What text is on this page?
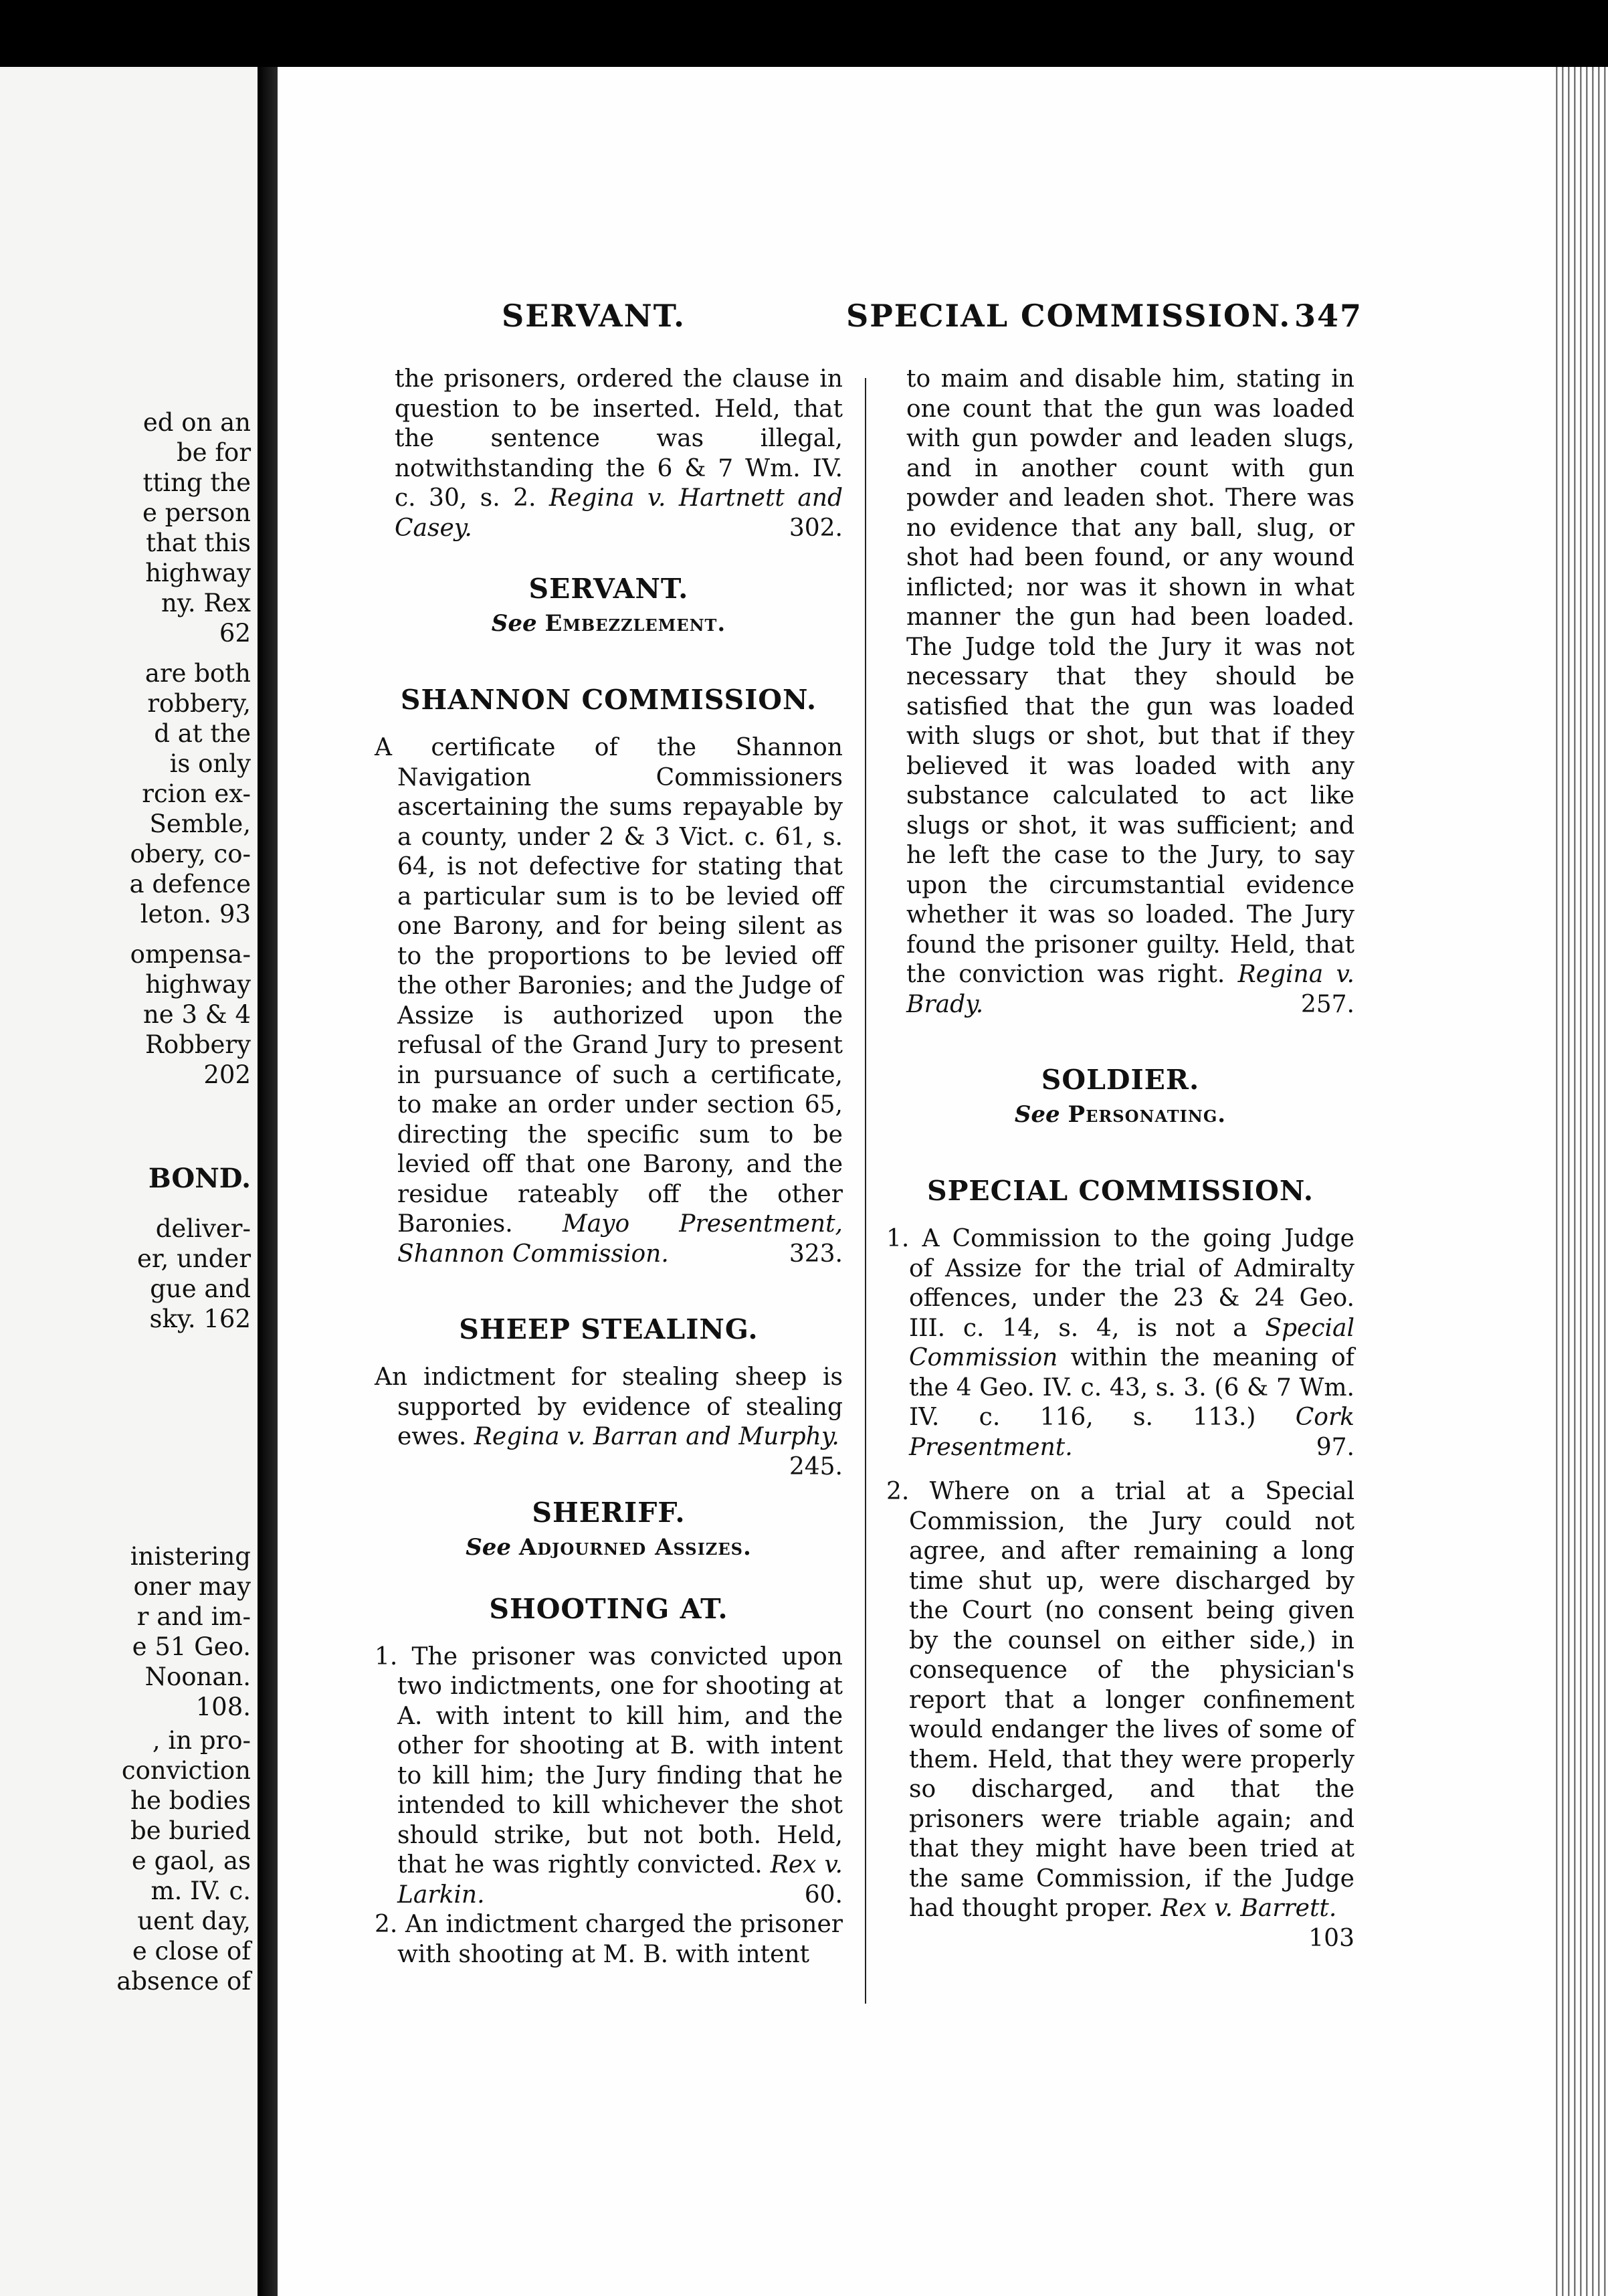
ed on an
be for
tting the
e person
that this
highway
ny. Rex
62
are both
robbery,
d at the
is only
rcion ex-
Semble,
obery, co-
a defence
leton. 93
ompensa-
highway
ne 3 & 4
Robbery
202
BOND.
deliver-
er, under
gue and
sky. 162
inistering
oner may
r and im-
e 51 Geo.
Noonan.
108.
, in pro-
conviction
he bodies
be buried
e gaol, as
m. IV. c.
uent day,
e close of
absence of
SERVANT.	SPECIAL COMMISSION. 347

the prisoners, ordered the clause in question to be inserted. Held, that the sentence was illegal, notwithstanding the 6 & 7 Wm. IV. c. 30, s. 2. Regina v. Hartnett and Casey.	302.

SERVANT.

See Embezzlement.

SHANNON COMMISSION.

A certificate of the Shannon Navigation Commissioners ascertaining the sums repayable by a county, under 2 & 3 Vict. c. 61, s. 64, is not defective for stating that a particular sum is to be levied off one Barony, and for being silent as to the proportions to be levied off the other Baronies; and the Judge of Assize is authorized upon the refusal of the Grand Jury to present in pursuance of such a certificate, to make an order under section 65, directing the specific sum to be levied off that one Barony, and the residue rateably off the other Baronies. Mayo Presentment, Shannon Commission.	323.

SHEEP STEALING.

An indictment for stealing sheep is supported by evidence of stealing ewes. Regina v. Barran and Murphy.
245.

SHERIFF.

See Adjourned Assizes.

SHOOTING AT.

1. The prisoner was convicted upon two indictments, one for shooting at A. with intent to kill him, and the other for shooting at B. with intent to kill him; the Jury finding that he intended to kill whichever the shot should strike, but not both. Held, that he was rightly convicted. Rex v. Larkin.	60.

2. An indictment charged the prisoner with shooting at M. B. with intent

to maim and disable him, stating in one count that the gun was loaded with gun powder and leaden slugs, and in another count with gun powder and leaden shot. There was no evidence that any ball, slug, or shot had been found, or any wound inflicted; nor was it shown in what manner the gun had been loaded. The Judge told the Jury it was not necessary that they should be satisfied that the gun was loaded with slugs or shot, but that if they believed it was loaded with any substance calculated to act like slugs or shot, it was sufficient; and he left the case to the Jury, to say upon the circumstantial evidence whether it was so loaded. The Jury found the prisoner guilty. Held, that the conviction was right. Regina v. Brady.	257.

SOLDIER.

See Personating.

SPECIAL COMMISSION.

1. A Commission to the going Judge of Assize for the trial of Admiralty offences, under the 23 & 24 Geo. III. c. 14, s. 4, is not a Special Commission within the meaning of the 4 Geo. IV. c. 43, s. 3. (6 & 7 Wm. IV. c. 116, s. 113.) Cork Presentment.	97.

2. Where on a trial at a Special Commission, the Jury could not agree, and after remaining a long time shut up, were discharged by the Court (no consent being given by the counsel on either side,) in consequence of the physician's report that a longer confinement would endanger the lives of some of them. Held, that they were properly so discharged, and that the prisoners were triable again; and that they might have been tried at the same Commission, if the Judge had thought proper. Rex v. Barrett.
103
